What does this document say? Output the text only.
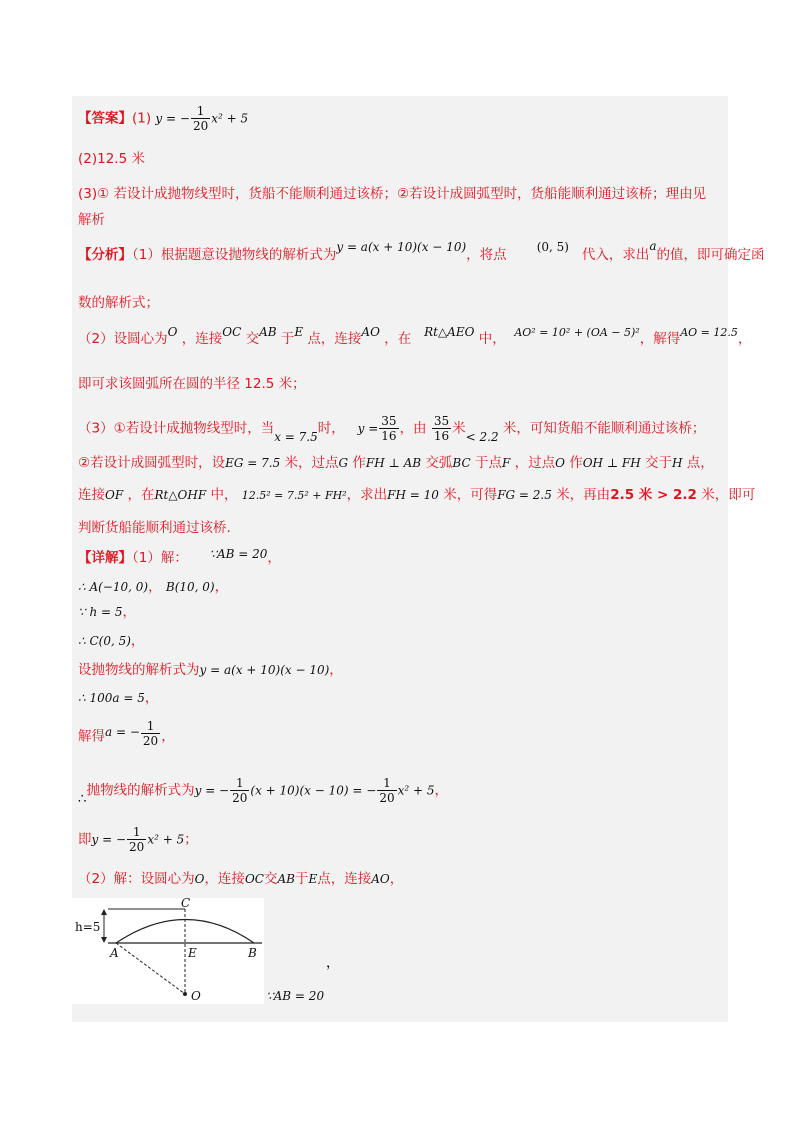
【答案】(1) y = − $\frac{1}{20} x^2 + 5$
(2)12.5 米
(3)① 若设计成抛物线型时，货船不能顺利通过该桥；②若设计成圆弧型时，货船能顺利通过该桥；理由见
解析
【分析】（1）根据题意设抛物线的解析式为y = a(x + 10)(x − 10)，将点	(0, 5) 代入，求出a的值，即可确定函
数的解析式；
（2）设圆心为O ，连接OC 交AB 于E 点，连接AO ，在 Rt△AEO 中， $^{AO^2 = 10^2 + (OA - 5)^2}$，解得$^{AO = 12.5}$，
即可求该圆弧所在圆的半径 12.5 米；
（3）①若设计成抛物线型时，当x = 7.5时， $y = \frac{35}{16}$ ，由 $\frac{35}{16}$ 米< 2.2 米，可知货船不能顺利通过该桥；
②若设计成圆弧型时，设EG = 7.5 米，过点G 作FH ⊥ AB 交弧BC 于点F ，过点O 作OH ⊥ FH 交于H 点，
连接OF ，在Rt△OHF 中， 12.5² = 7.5² + FH²，求出FH = 10 米，可得FG = 2.5 米，再由2.5 米 > 2.2 米，即可
判断货船能顺利通过该桥.
【详解】（1）解： ∵AB = 20，
∴ A(−10, 0)， B(10, 0)，
∵ h = 5，
∴ C(0, 5)，
设抛物线的解析式为y = a(x + 10)(x − 10)，
∴ 100a = 5，
解得a = − $\frac{1}{20}$ ，
∴抛物线的解析式为y = − $\frac{1}{20} (x + 10)(x - 10)$ = − $\frac{1}{20} x^2 + 5$，
即y = − $\frac{1}{20} x^2 + 5$；
（2）解：设圆心为O，连接OC交AB于E点，连接AO，
h=5
A	B
C
E
O
，
∵AB = 20
